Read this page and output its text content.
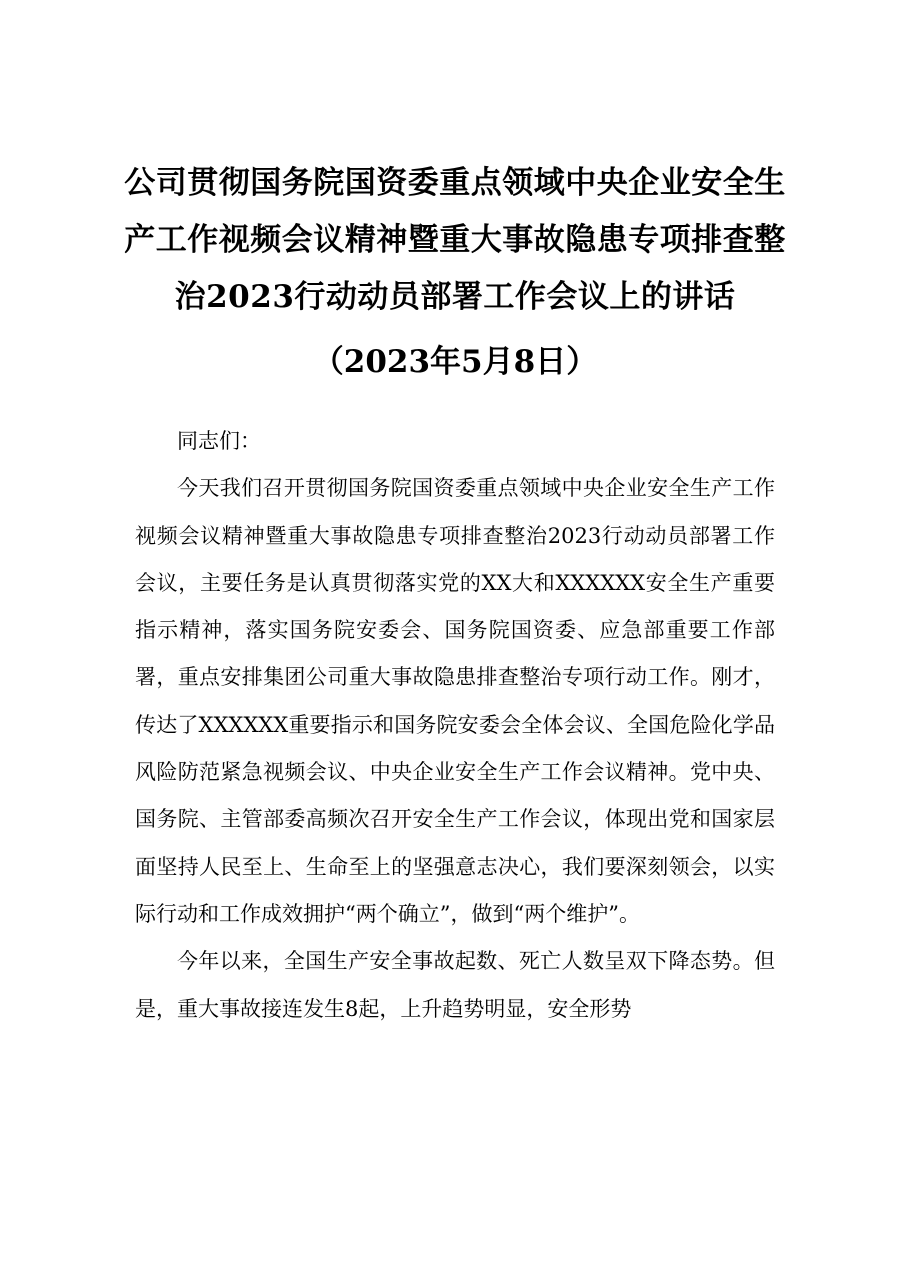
公司贯彻国务院国资委重点领域中央企业安全生产工作视频会议精神暨重大事故隐患专项排查整治2023行动动员部署工作会议上的讲话
（2023年5月8日）

同志们：

今天我们召开贯彻国务院国资委重点领域中央企业安全生产工作视频会议精神暨重大事故隐患专项排查整治2023行动动员部署工作会议，主要任务是认真贯彻落实党的XX大和XXXXXX安全生产重要指示精神，落实国务院安委会、国务院国资委、应急部重要工作部署，重点安排集团公司重大事故隐患排查整治专项行动工作。刚才，传达了XXXXXX重要指示和国务院安委会全体会议、全国危险化学品风险防范紧急视频会议、中央企业安全生产工作会议精神。党中央、国务院、主管部委高频次召开安全生产工作会议，体现出党和国家层面坚持人民至上、生命至上的坚强意志决心，我们要深刻领会，以实际行动和工作成效拥护“两个确立”，做到“两个维护”。

今年以来，全国生产安全事故起数、死亡人数呈双下降态势。但是，重大事故接连发生8起，上升趋势明显，安全形势
